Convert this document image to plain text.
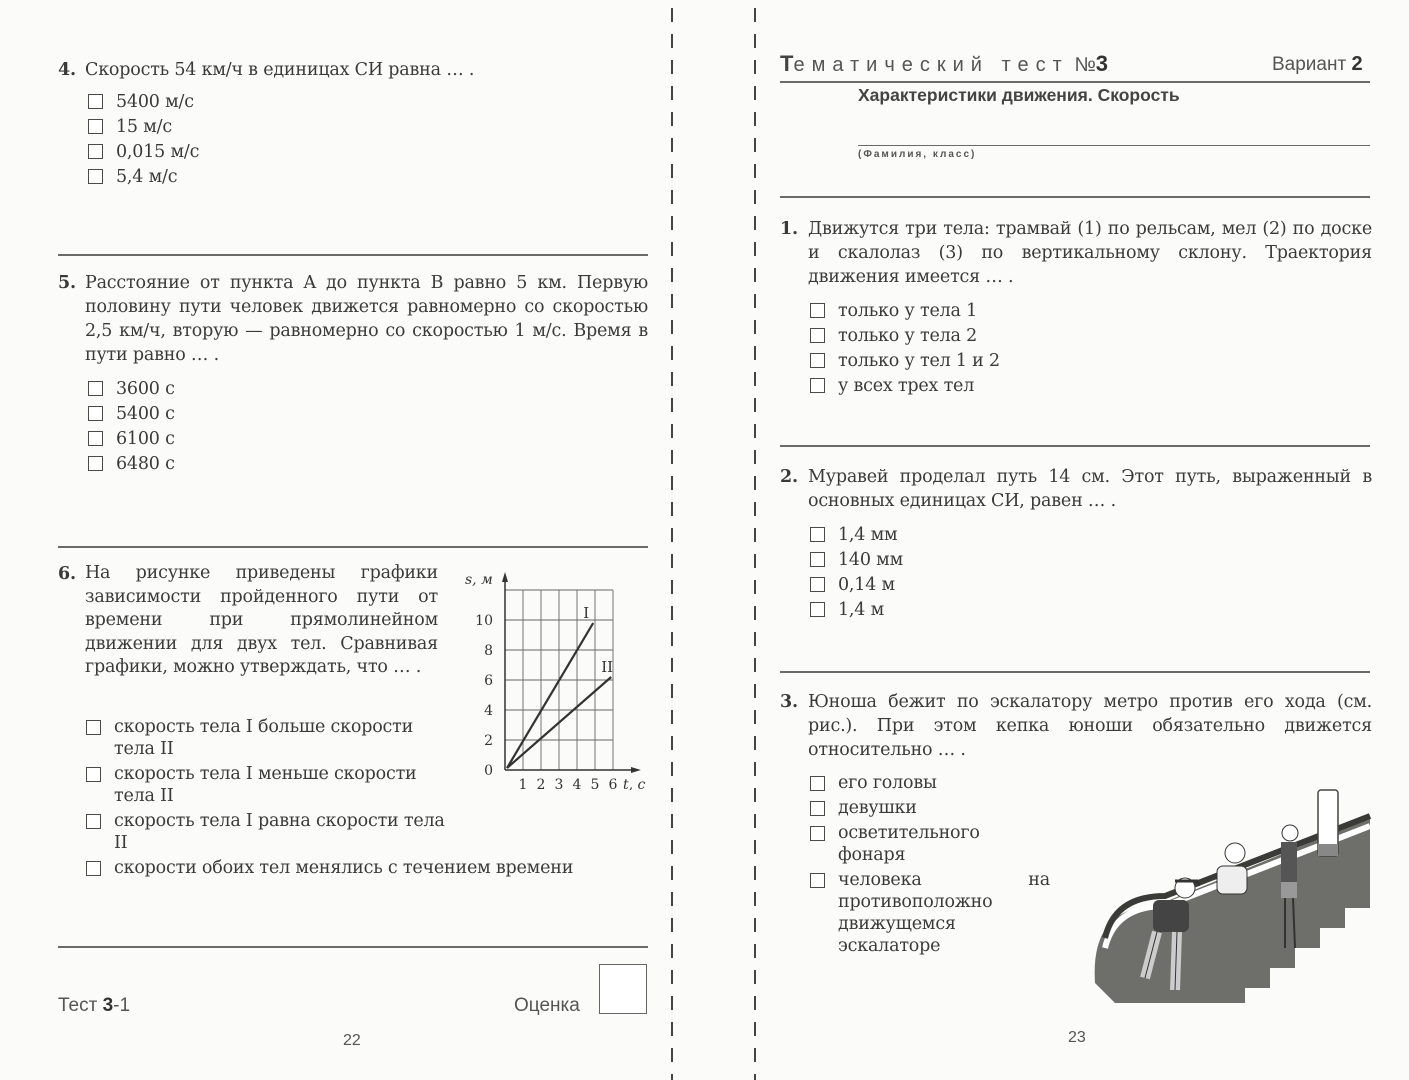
4. Скорость 54 км/ч в единицах СИ равна … .
5400 м/с
15 м/с
0,015 м/с
5,4 м/с
5. Расстояние от пункта A до пункта B равно 5 км. Первую половину пути человек движется равномерно со скоростью 2,5 км/ч, вторую — равномерно со скоростью 1 м/с. Время в пути равно … .
3600 с
5400 с
6100 с
6480 с
6. На рисунке приведены графики зависимости пройденного пути от времени при прямолинейном движении для двух тел. Сравнивая графики, можно утверждать, что … .
скорость тела I больше скорости тела II
скорость тела I меньше скорости тела II
скорость тела I равна скорости тела II
скорости обоих тел менялись с течением времени
I
II
1 2 3 4 5 6
0
2
4
6
8
10
t, с
s, м
Тест 3-1	Оценка
22
Тематический тест №3	Вариант 2
Характеристики движения. Скорость
(Фамилия, класс)
1. Движутся три тела: трамвай (1) по рельсам, мел (2) по доске и скалолаз (3) по вертикальному склону. Траектория движения имеется … .
только у тела 1
только у тела 2
только у тел 1 и 2
у всех трех тел
2. Муравей проделал путь 14 см. Этот путь, выраженный в основных единицах СИ, равен … .
1,4 мм
140 мм
0,14 м
1,4 м
3. Юноша бежит по эскалатору метро против его хода (см. рис.). При этом кепка юноши обязательно движется относительно … .
его головы
девушки
осветительного фонаря
человека на противоположно движущемся эскалаторе
23
